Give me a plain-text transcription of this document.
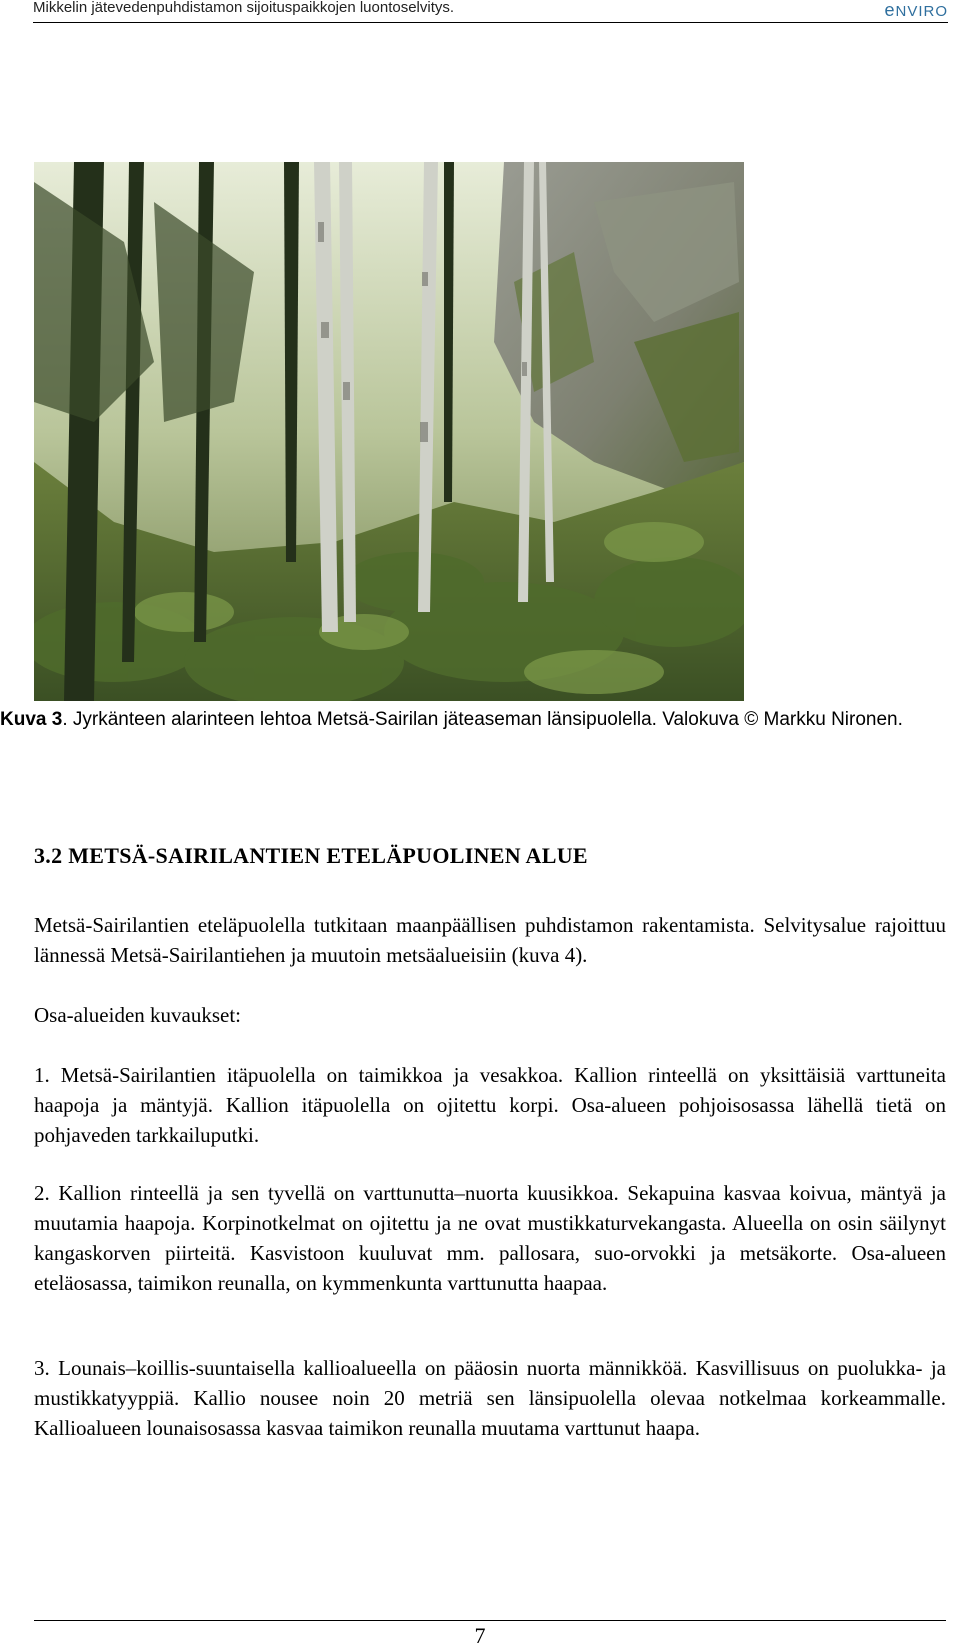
Mikkelin jätevedenpuhdistamon sijoituspaikkojen luontoselvitys.	eNVIRO
Kuva 3. Jyrkänteen alarinteen lehtoa Metsä-Sairilan jäteaseman länsipuolella. Valokuva © Markku Nironen.
3.2 METSÄ-SAIRILANTIEN ETELÄPUOLINEN ALUE
Metsä-Sairilantien eteläpuolella tutkitaan maanpäällisen puhdistamon rakentamista. Selvitysalue rajoittuu lännessä Metsä-Sairilantiehen ja muutoin metsäalueisiin (kuva 4).
Osa-alueiden kuvaukset:
1. Metsä-Sairilantien itäpuolella on taimikkoa ja vesakkoa. Kallion rinteellä on yksittäisiä varttuneita haapoja ja mäntyjä. Kallion itäpuolella on ojitettu korpi. Osa-alueen pohjoisosassa lähellä tietä on pohjaveden tarkkailuputki.
2. Kallion rinteellä ja sen tyvellä on varttunutta–nuorta kuusikkoa. Sekapuina kasvaa koivua, mäntyä ja muutamia haapoja. Korpinotkelmat on ojitettu ja ne ovat mustikkaturvekangasta. Alueella on osin säilynyt kangaskorven piirteitä. Kasvistoon kuuluvat mm. pallosara, suo-orvokki ja metsäkorte. Osa-alueen eteläosassa, taimikon reunalla, on kymmenkunta varttunutta haapaa.
3. Lounais–koillis-suuntaisella kallioalueella on pääosin nuorta männikköä. Kasvillisuus on puolukka- ja mustikkatyyppiä. Kallio nousee noin 20 metriä sen länsipuolella olevaa notkelmaa korkeammalle. Kallioalueen lounaisosassa kasvaa taimikon reunalla muutama varttunut haapa.
7
